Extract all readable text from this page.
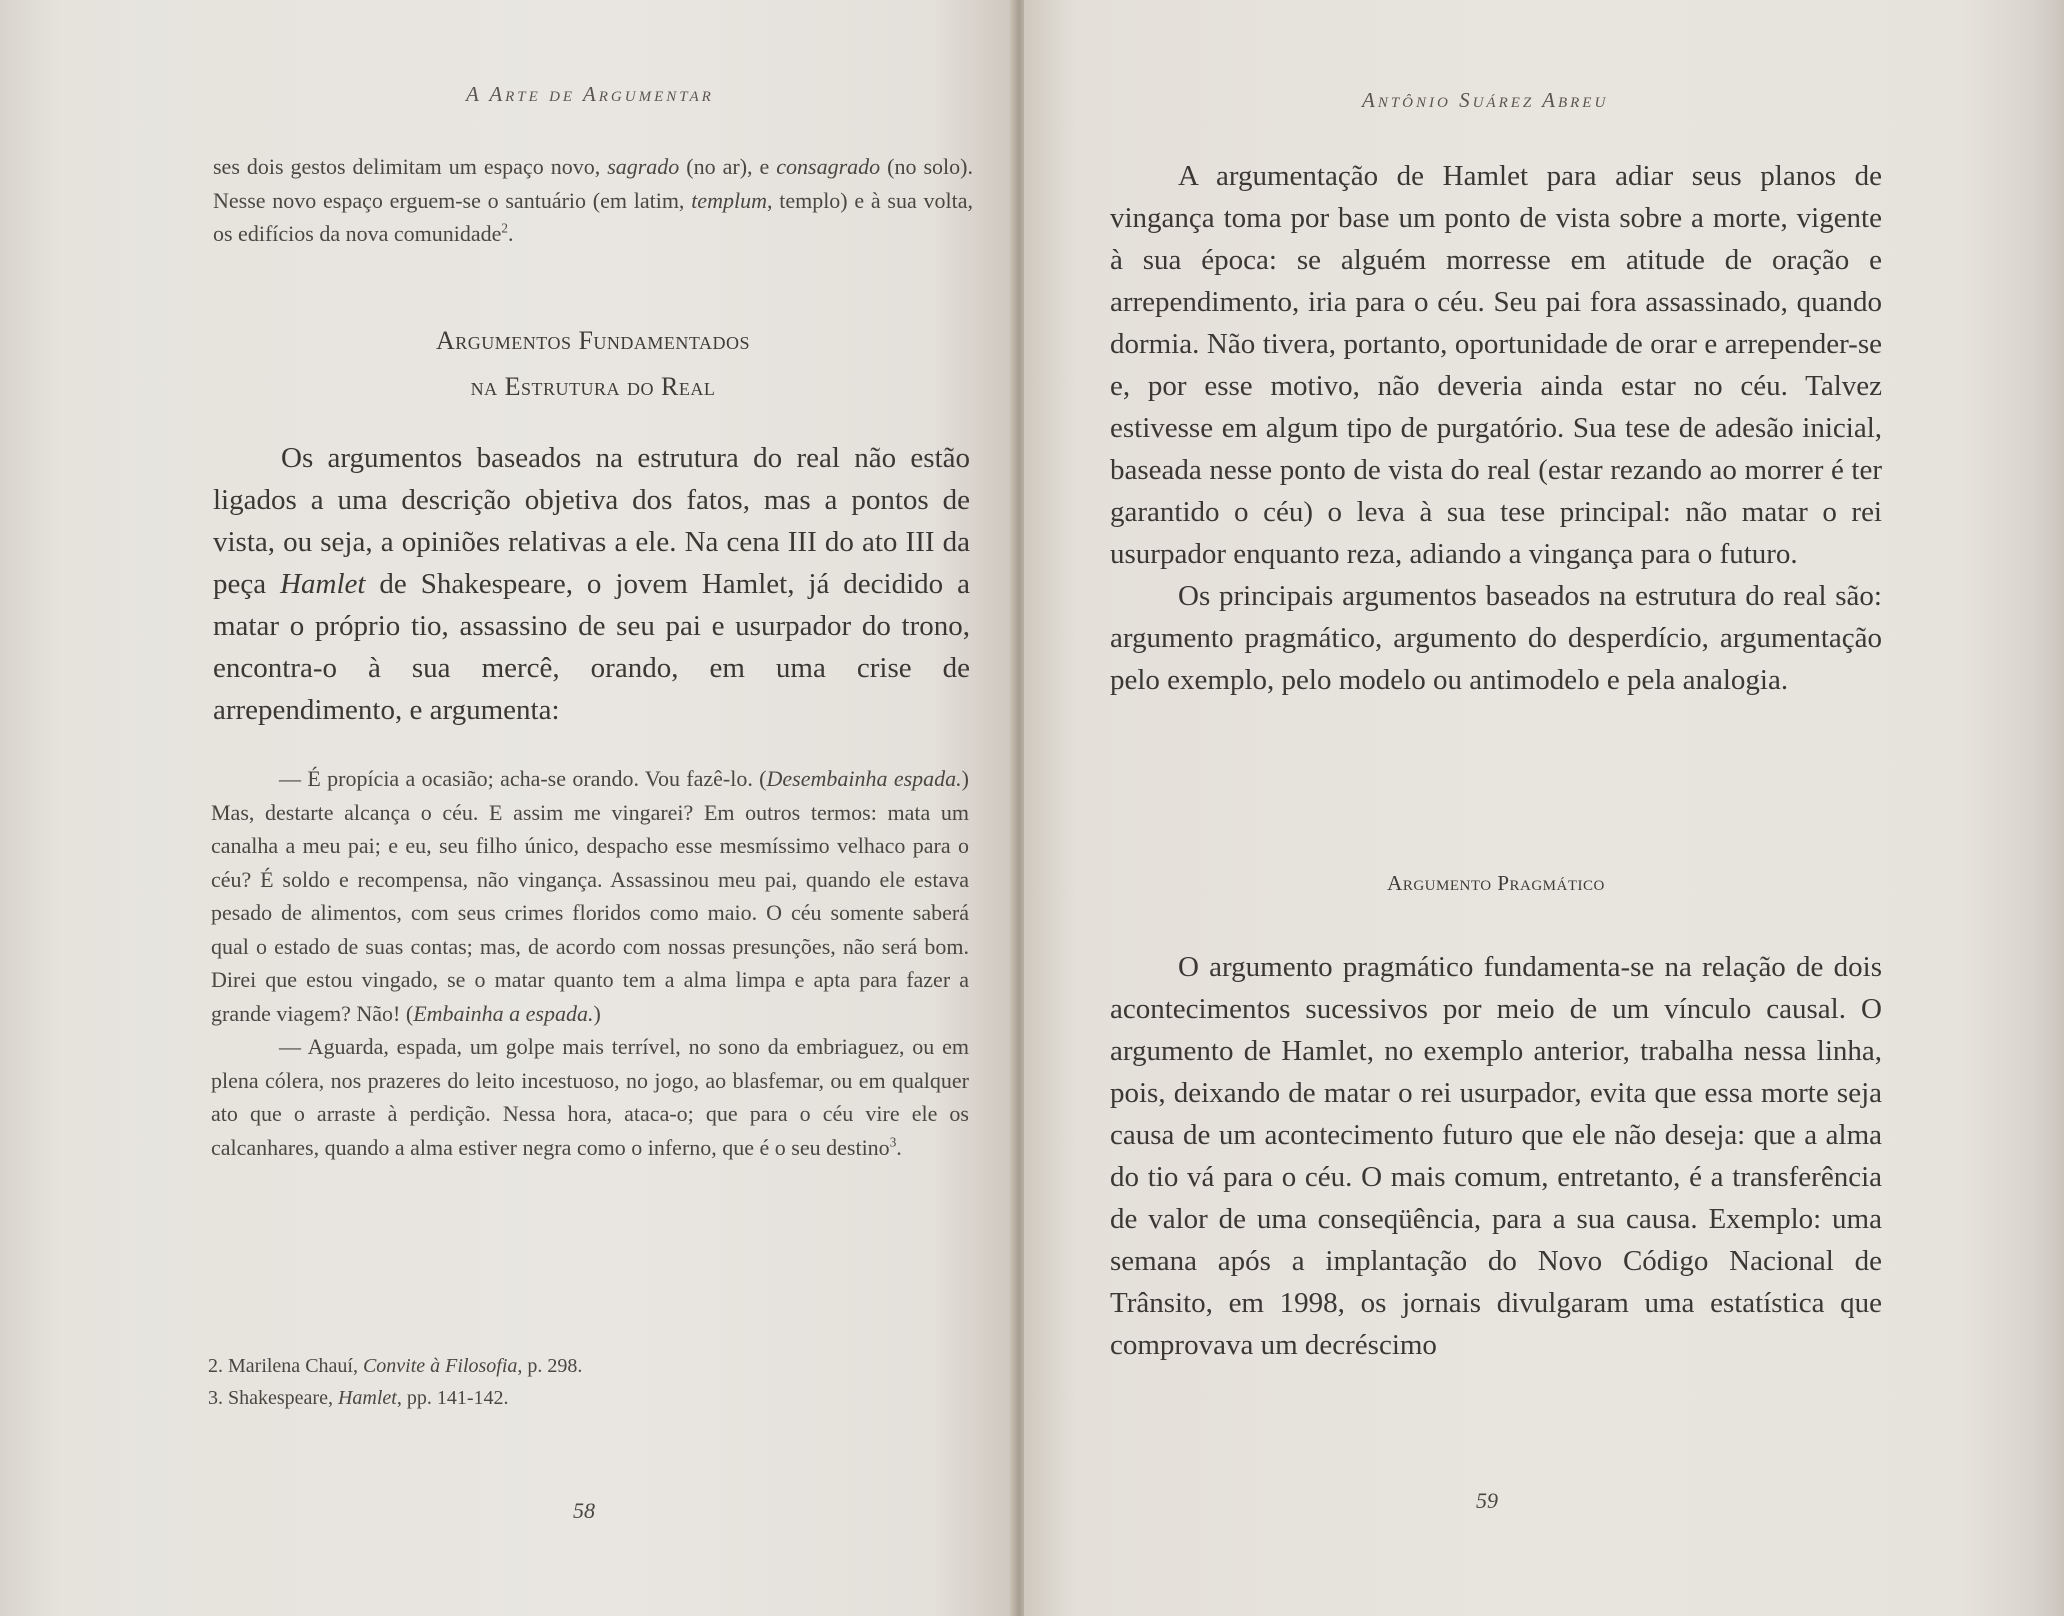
A Arte de Argumentar

ses dois gestos delimitam um espaço novo, sagrado (no ar), e consagrado (no solo). Nesse novo espaço erguem-se o santuário (em latim, templum, templo) e à sua volta, os edifícios da nova comunidade$^2$.

Argumentos Fundamentados
na Estrutura do Real

Os argumentos baseados na estrutura do real não estão ligados a uma descrição objetiva dos fatos, mas a pontos de vista, ou seja, a opiniões relativas a ele. Na cena III do ato III da peça Hamlet de Shakespeare, o jovem Hamlet, já decidido a matar o próprio tio, assassino de seu pai e usurpador do trono, encontra-o à sua mercê, orando, em uma crise de arrependimento, e argumenta:

— É propícia a ocasião; acha-se orando. Vou fazê-lo. (Desembainha espada.) Mas, destarte alcança o céu. E assim me vingarei? Em outros termos: mata um canalha a meu pai; e eu, seu filho único, despacho esse mesmíssimo velhaco para o céu? É soldo e recompensa, não vingança. Assassinou meu pai, quando ele estava pesado de alimentos, com seus crimes floridos como maio. O céu somente saberá qual o estado de suas contas; mas, de acordo com nossas presunções, não será bom. Direi que estou vingado, se o matar quanto tem a alma limpa e apta para fazer a grande viagem? Não! (Embainha a espada.)

— Aguarda, espada, um golpe mais terrível, no sono da embriaguez, ou em plena cólera, nos prazeres do leito incestuoso, no jogo, ao blasfemar, ou em qualquer ato que o arraste à perdição. Nessa hora, ataca-o; que para o céu vire ele os calcanhares, quando a alma estiver negra como o inferno, que é o seu destino$^3$.

2. Marilena Chauí, Convite à Filosofia, p. 298.
3. Shakespeare, Hamlet, pp. 141-142.
58
Antônio Suárez Abreu

A argumentação de Hamlet para adiar seus planos de vingança toma por base um ponto de vista sobre a morte, vigente à sua época: se alguém morresse em atitude de oração e arrependimento, iria para o céu. Seu pai fora assassinado, quando dormia. Não tivera, portanto, oportunidade de orar e arrepender-se e, por esse motivo, não deveria ainda estar no céu. Talvez estivesse em algum tipo de purgatório. Sua tese de adesão inicial, baseada nesse ponto de vista do real (estar rezando ao morrer é ter garantido o céu) o leva à sua tese principal: não matar o rei usurpador enquanto reza, adiando a vingança para o futuro.

Os principais argumentos baseados na estrutura do real são: argumento pragmático, argumento do desperdício, argumentação pelo exemplo, pelo modelo ou antimodelo e pela analogia.

Argumento Pragmático

O argumento pragmático fundamenta-se na relação de dois acontecimentos sucessivos por meio de um vínculo causal. O argumento de Hamlet, no exemplo anterior, trabalha nessa linha, pois, deixando de matar o rei usurpador, evita que essa morte seja causa de um acontecimento futuro que ele não deseja: que a alma do tio vá para o céu. O mais comum, entretanto, é a transferência de valor de uma conseqüência, para a sua causa. Exemplo: uma semana após a implantação do Novo Código Nacional de Trânsito, em 1998, os jornais divulgaram uma estatística que comprovava um decréscimo

59
